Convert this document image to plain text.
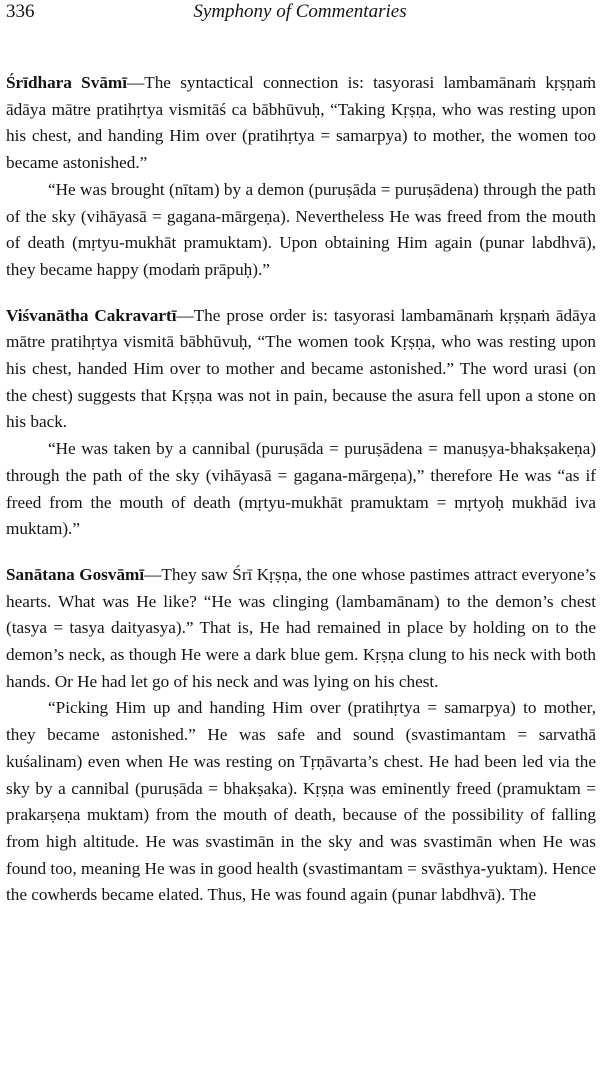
336	Symphony of Commentaries

Śrīdhara Svāmī—The syntactical connection is: tasyorasi lambamānaṁ kṛṣṇaṁ ādāya mātre pratihṛtya vismitāś ca bābhūvuḥ, “Taking Kṛṣṇa, who was resting upon his chest, and handing Him over (pratihṛtya = samarpya) to mother, the women too became astonished.”

“He was brought (nītam) by a demon (puruṣāda = puruṣādena) through the path of the sky (vihāyasā = gagana-mārgeṇa). Nevertheless He was freed from the mouth of death (mṛtyu-mukhāt pramuktam). Upon obtaining Him again (punar labdhvā), they became happy (modaṁ prāpuḥ).”

Viśvanātha Cakravartī—The prose order is: tasyorasi lambamānaṁ kṛṣṇaṁ ādāya mātre pratihṛtya vismitā bābhūvuḥ, “The women took Kṛṣṇa, who was resting upon his chest, handed Him over to mother and became astonished.” The word urasi (on the chest) suggests that Kṛṣṇa was not in pain, because the asura fell upon a stone on his back.

“He was taken by a cannibal (puruṣāda = puruṣādena = manuṣya-bhakṣakeṇa) through the path of the sky (vihāyasā = gagana-mārgeṇa),” therefore He was “as if freed from the mouth of death (mṛtyu-mukhāt pramuktam = mṛtyoḥ mukhād iva muktam).”

Sanātana Gosvāmī—They saw Śrī Kṛṣṇa, the one whose pastimes attract everyone’s hearts. What was He like? “He was clinging (lambamānam) to the demon’s chest (tasya = tasya daityasya).” That is, He had remained in place by holding on to the demon’s neck, as though He were a dark blue gem. Kṛṣṇa clung to his neck with both hands. Or He had let go of his neck and was lying on his chest.

“Picking Him up and handing Him over (pratihṛtya = samarpya) to mother, they became astonished.” He was safe and sound (svastimantam = sarvathā kuśalinam) even when He was resting on Tṛṇāvarta’s chest. He had been led via the sky by a cannibal (puruṣāda = bhakṣaka). Kṛṣṇa was eminently freed (pramuktam = prakarṣeṇa muktam) from the mouth of death, because of the possibility of falling from high altitude. He was svastimān in the sky and was svastimān when He was found too, meaning He was in good health (svastimantam = svāsthya-yuktam). Hence the cowherds became elated. Thus, He was found again (punar labdhvā). The
